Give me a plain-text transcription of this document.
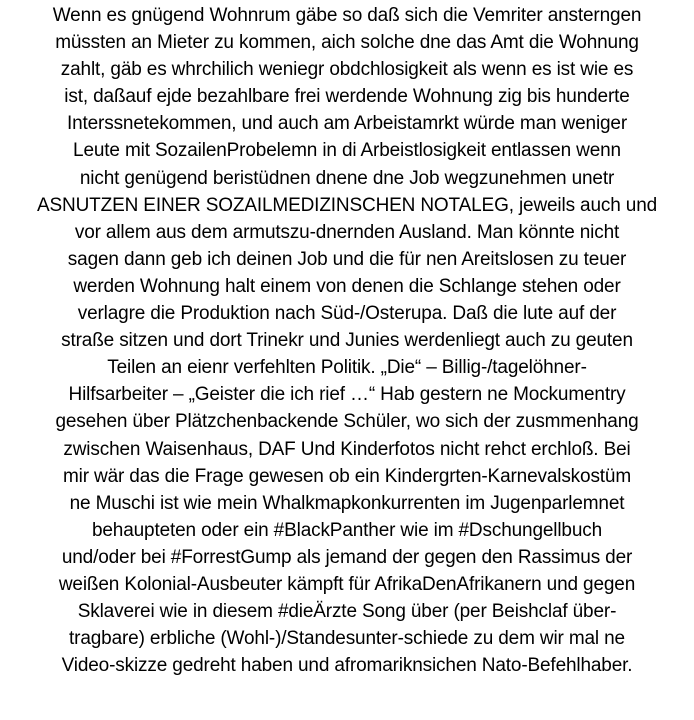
Wenn es gnügend Wohnrum gäbe so daß sich die Vemriter ansterngen
müssten an Mieter zu kommen, aich solche dne das Amt die Wohnung
zahlt, gäb es whrchilich weniegr obdchlosigkeit als wenn es ist wie es
ist, daßauf ejde bezahlbare frei werdende Wohnung zig bis hunderte
Interssnetekommen, und auch am Arbeistamrkt würde man weniger
Leute mit SozailenProbelemn in di Arbeistlosigkeit entlassen wenn
nicht genügend beristüdnen dnene dne Job wegzunehmen unetr
ASNUTZEN EINER SOZAILMEDIZINSCHEN NOTALEG, jeweils auch und
vor allem aus dem armutszu-dnernden Ausland. Man könnte nicht
sagen dann geb ich deinen Job und die für nen Areitslosen zu teuer
werden Wohnung halt einem von denen die Schlange stehen oder
verlagre die Produktion nach Süd-/Osterupa. Daß die lute auf der
straße sitzen und dort Trinekr und Junies werdenliegt auch zu geuten
Teilen an eienr verfehlten Politik. „Die“ – Billig-/tagelöhner-
Hilfsarbeiter – „Geister die ich rief …“ Hab gestern ne Mockumentry
gesehen über Plätzchenbackende Schüler, wo sich der zusmmenhang
zwischen Waisenhaus, DAF Und Kinderfotos nicht rehct erchloß. Bei
mir wär das die Frage gewesen ob ein Kindergrten-Karnevalskostüm
ne Muschi ist wie mein Whalkmapkonkurrenten im Jugenparlemnet
behaupteten oder ein #BlackPanther wie im #Dschungellbuch
und/oder bei #ForrestGump als jemand der gegen den Rassimus der
weißen Kolonial-Ausbeuter kämpft für AfrikaDenAfrikanern und gegen
Sklaverei wie in diesem #dieÄrzte Song über (per Beishclaf über-
tragbare) erbliche (Wohl-)/Standesunter-schiede zu dem wir mal ne
Video-skizze gedreht haben und afromariknsichen Nato-Befehlhaber.
